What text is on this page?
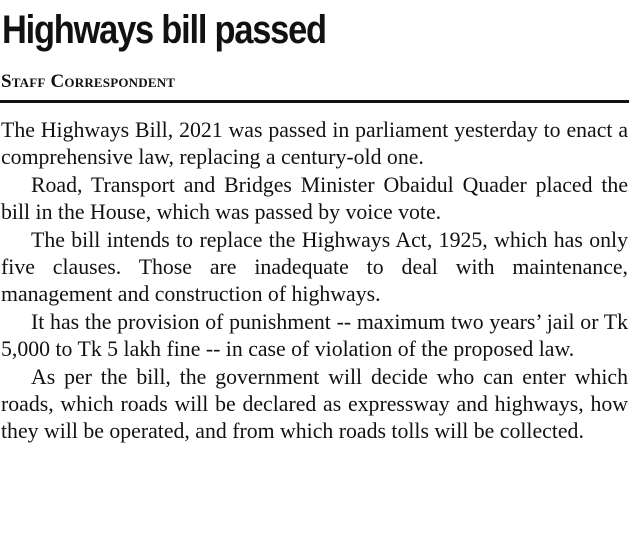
Highways bill passed
Staff Correspondent

The Highways Bill, 2021 was passed in parliament yesterday to enact a comprehensive law, replacing a century-old one.

Road, Transport and Bridges Minister Obaidul Quader placed the bill in the House, which was passed by voice vote.

The bill intends to replace the Highways Act, 1925, which has only five clauses. Those are inadequate to deal with maintenance, management and construction of highways.

It has the provision of punishment -- maximum two years’ jail or Tk 5,000 to Tk 5 lakh fine -- in case of violation of the proposed law.

As per the bill, the government will decide who can enter which roads, which roads will be declared as expressway and highways, how they will be operated, and from which roads tolls will be collected.
